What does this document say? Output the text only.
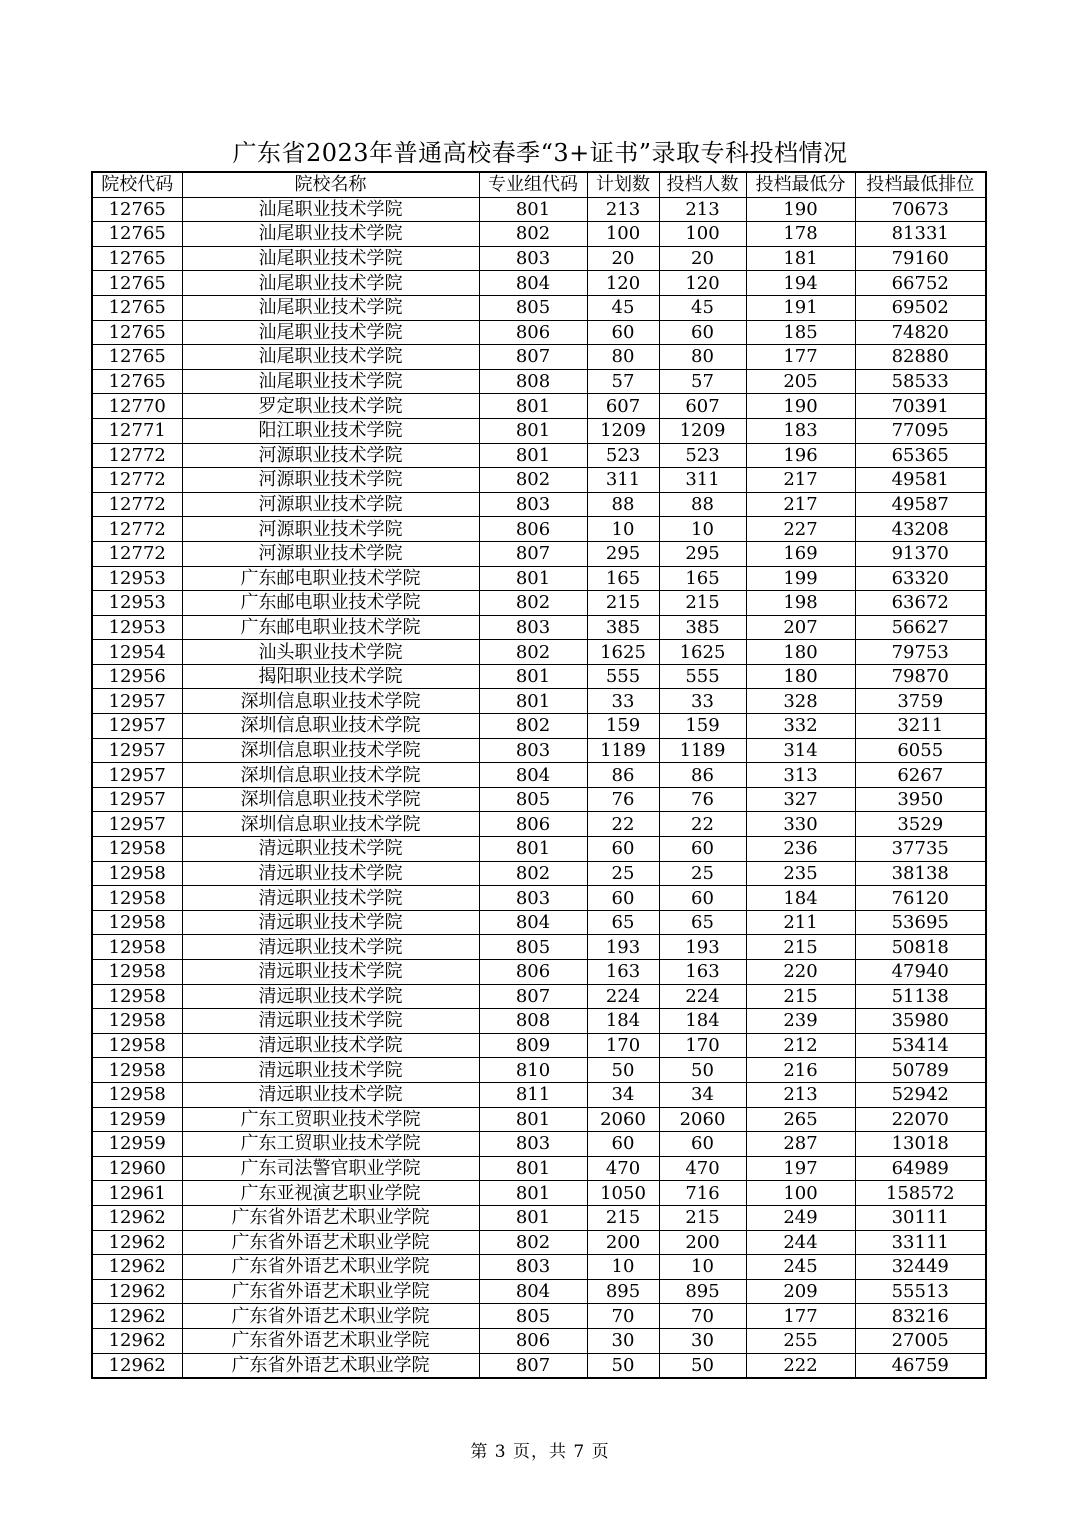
广东省2023年普通高校春季“3+证书”录取专科投档情况
院校代码	院校名称	专业组代码	计划数	投档人数	投档最低分	投档最低排位
12765	汕尾职业技术学院	801	213	213	190	70673
12765	汕尾职业技术学院	802	100	100	178	81331
12765	汕尾职业技术学院	803	20	20	181	79160
12765	汕尾职业技术学院	804	120	120	194	66752
12765	汕尾职业技术学院	805	45	45	191	69502
12765	汕尾职业技术学院	806	60	60	185	74820
12765	汕尾职业技术学院	807	80	80	177	82880
12765	汕尾职业技术学院	808	57	57	205	58533
12770	罗定职业技术学院	801	607	607	190	70391
12771	阳江职业技术学院	801	1209	1209	183	77095
12772	河源职业技术学院	801	523	523	196	65365
12772	河源职业技术学院	802	311	311	217	49581
12772	河源职业技术学院	803	88	88	217	49587
12772	河源职业技术学院	806	10	10	227	43208
12772	河源职业技术学院	807	295	295	169	91370
12953	广东邮电职业技术学院	801	165	165	199	63320
12953	广东邮电职业技术学院	802	215	215	198	63672
12953	广东邮电职业技术学院	803	385	385	207	56627
12954	汕头职业技术学院	802	1625	1625	180	79753
12956	揭阳职业技术学院	801	555	555	180	79870
12957	深圳信息职业技术学院	801	33	33	328	3759
12957	深圳信息职业技术学院	802	159	159	332	3211
12957	深圳信息职业技术学院	803	1189	1189	314	6055
12957	深圳信息职业技术学院	804	86	86	313	6267
12957	深圳信息职业技术学院	805	76	76	327	3950
12957	深圳信息职业技术学院	806	22	22	330	3529
12958	清远职业技术学院	801	60	60	236	37735
12958	清远职业技术学院	802	25	25	235	38138
12958	清远职业技术学院	803	60	60	184	76120
12958	清远职业技术学院	804	65	65	211	53695
12958	清远职业技术学院	805	193	193	215	50818
12958	清远职业技术学院	806	163	163	220	47940
12958	清远职业技术学院	807	224	224	215	51138
12958	清远职业技术学院	808	184	184	239	35980
12958	清远职业技术学院	809	170	170	212	53414
12958	清远职业技术学院	810	50	50	216	50789
12958	清远职业技术学院	811	34	34	213	52942
12959	广东工贸职业技术学院	801	2060	2060	265	22070
12959	广东工贸职业技术学院	803	60	60	287	13018
12960	广东司法警官职业学院	801	470	470	197	64989
12961	广东亚视演艺职业学院	801	1050	716	100	158572
12962	广东省外语艺术职业学院	801	215	215	249	30111
12962	广东省外语艺术职业学院	802	200	200	244	33111
12962	广东省外语艺术职业学院	803	10	10	245	32449
12962	广东省外语艺术职业学院	804	895	895	209	55513
12962	广东省外语艺术职业学院	805	70	70	177	83216
12962	广东省外语艺术职业学院	806	30	30	255	27005
12962	广东省外语艺术职业学院	807	50	50	222	46759
第 3 页，共 7 页
